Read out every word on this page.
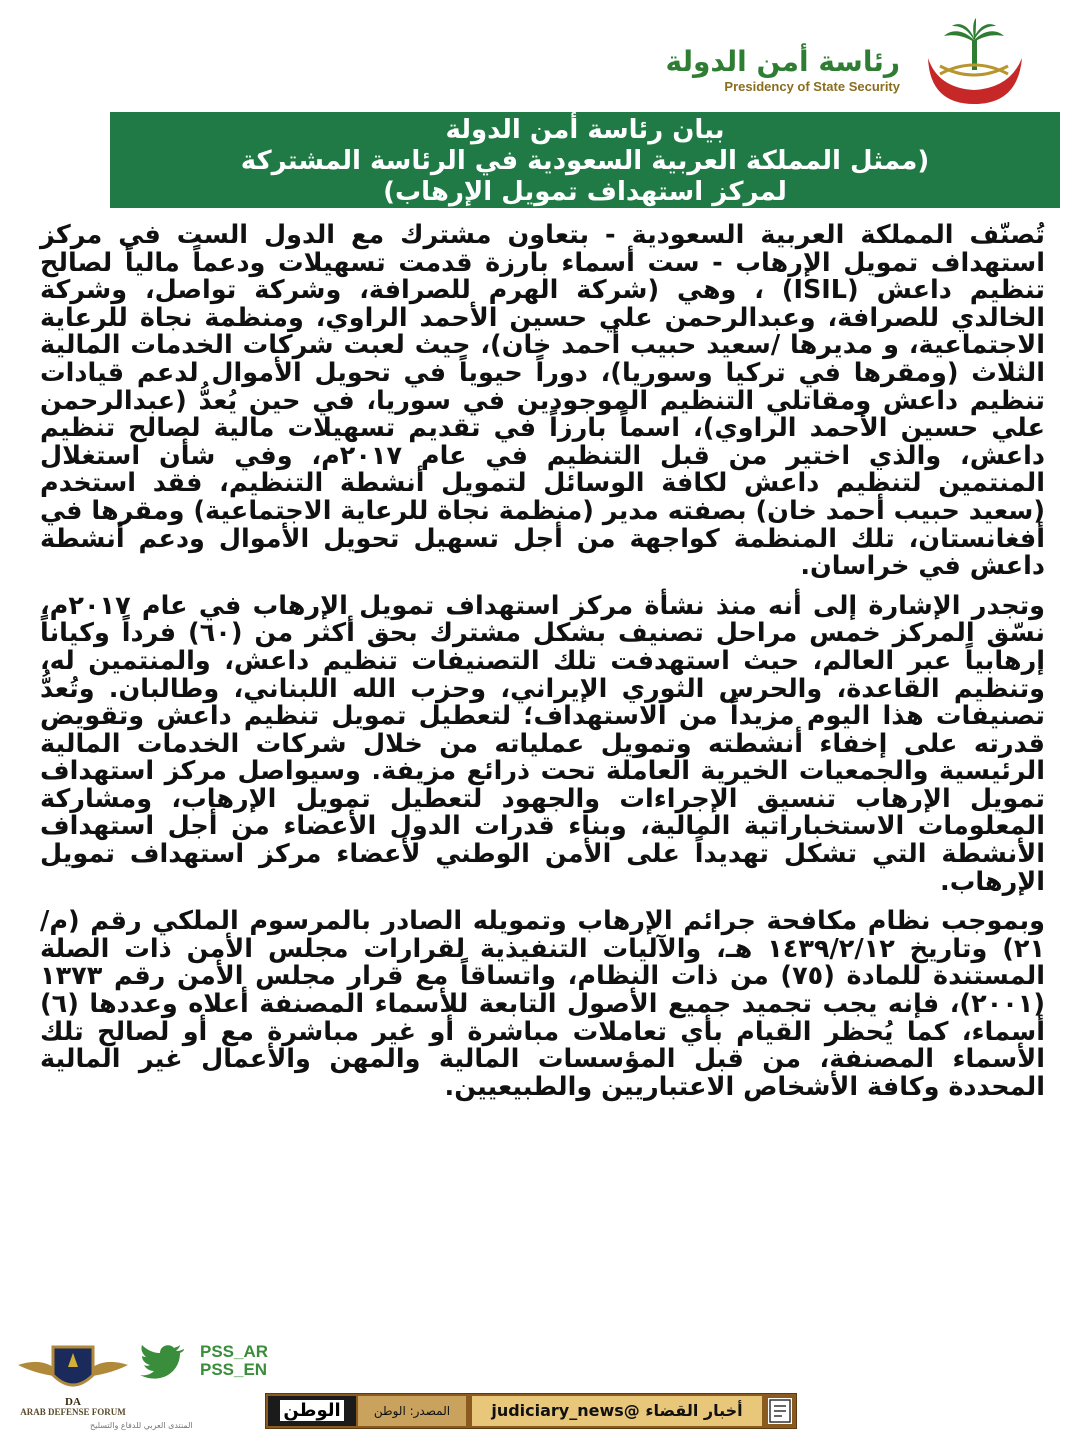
رئاسة أمن الدولة
Presidency of State Security
بيان رئاسة أمن الدولة
(ممثل المملكة العربية السعودية في الرئاسة المشتركة
لمركز استهداف تمويل الإرهاب)

تُصنّف المملكة العربية السعودية - بتعاون مشترك مع الدول الست في مركز استهداف تمويل الإرهاب - ست أسماء بارزة قدمت تسهيلات ودعماً مالياً لصالح تنظيم داعش (ISIL) ، وهي (شركة الهرم للصرافة، وشركة تواصل، وشركة الخالدي للصرافة، وعبدالرحمن علي حسين الأحمد الراوي، ومنظمة نجاة للرعاية الاجتماعية، و مديرها /سعيد حبيب أحمد خان)، حيث لعبت شركات الخدمات المالية الثلاث (ومقرها في تركيا وسوريا)، دوراً حيوياً في تحويل الأموال لدعم قيادات تنظيم داعش ومقاتلي التنظيم الموجودين في سوريا، في حين يُعدُّ (عبدالرحمن علي حسين الأحمد الراوي)، اسماً بارزاً في تقديم تسهيلات مالية لصالح تنظيم داعش، والذي اختير من قبل التنظيم في عام ٢٠١٧م، وفي شأن استغلال المنتمين لتنظيم داعش لكافة الوسائل لتمويل أنشطة التنظيم، فقد استخدم (سعيد حبيب أحمد خان) بصفته مدير (منظمة نجاة للرعاية الاجتماعية) ومقرها في أفغانستان، تلك المنظمة كواجهة من أجل تسهيل تحويل الأموال ودعم أنشطة داعش في خراسان.

وتجدر الإشارة إلى أنه منذ نشأة مركز استهداف تمويل الإرهاب في عام ٢٠١٧م، نسّق المركز خمس مراحل تصنيف بشكل مشترك بحق أكثر من (٦٠) فرداً وكياناً إرهابياً عبر العالم، حيث استهدفت تلك التصنيفات تنظيم داعش، والمنتمين له، وتنظيم القاعدة، والحرس الثوري الإيراني، وحزب الله اللبناني، وطالبان. وتُعدُّ تصنيفات هذا اليوم مزيداً من الاستهداف؛ لتعطيل تمويل تنظيم داعش وتقويض قدرته على إخفاء أنشطته وتمويل عملياته من خلال شركات الخدمات المالية الرئيسية والجمعيات الخيرية العاملة تحت ذرائع مزيفة. وسيواصل مركز استهداف تمويل الإرهاب تنسيق الإجراءات والجهود لتعطيل تمويل الإرهاب، ومشاركة المعلومات الاستخباراتية المالية، وبناء قدرات الدول الأعضاء من أجل استهداف الأنشطة التي تشكل تهديداً على الأمن الوطني لأعضاء مركز استهداف تمويل الإرهاب.

وبموجب نظام مكافحة جرائم الإرهاب وتمويله الصادر بالمرسوم الملكي رقم (م/ ٢١) وتاريخ ١٤٣٩/٢/١٢ هـ، والآليات التنفيذية لقرارات مجلس الأمن ذات الصلة المستندة للمادة (٧٥) من ذات النظام، واتساقاً مع قرار مجلس الأمن رقم ١٣٧٣ (٢٠٠١)، فإنه يجب تجميد جميع الأصول التابعة للأسماء المصنفة أعلاه وعددها (٦) أسماء، كما يُحظر القيام بأي تعاملات مباشرة أو غير مباشرة مع أو لصالح تلك الأسماء المصنفة، من قبل المؤسسات المالية والمهن والأعمال غير المالية المحددة وكافة الأشخاص الاعتباريين والطبيعيين.

DA
ARAB DEFENSE FORUM
المنتدى العربي للدفاع والتسليح
PSS_AR
PSS_EN
الوطن	المصدر: الوطن	أخبار القضاء @judiciary_news
